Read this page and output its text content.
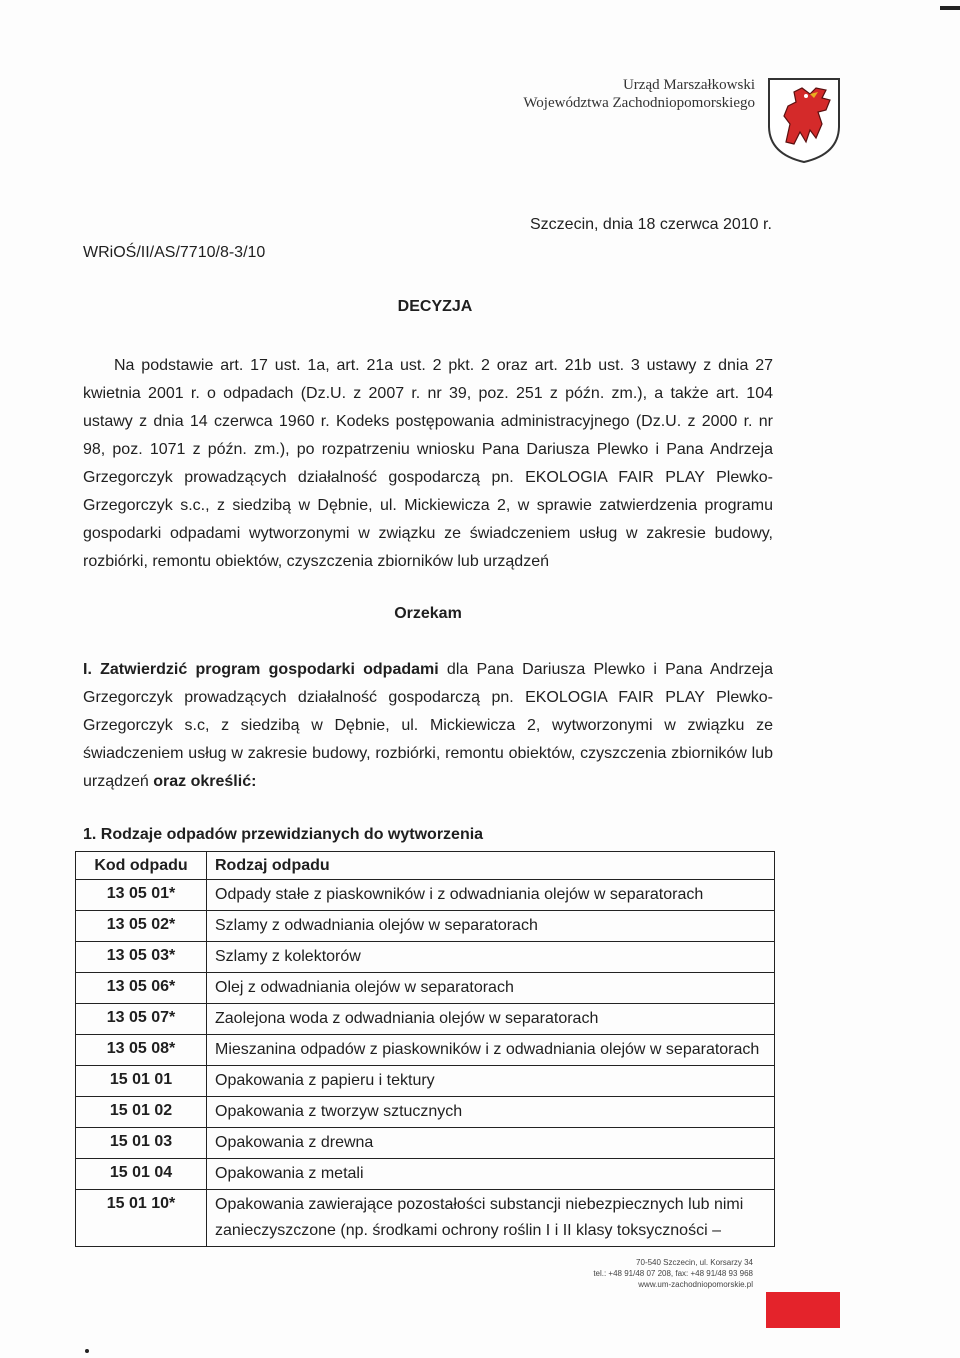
Urząd Marszałkowski
Województwa Zachodniopomorskiego
Szczecin, dnia 18 czerwca 2010 r.
WRiOŚ/II/AS/7710/8-3/10
DECYZJA

Na podstawie art. 17 ust. 1a, art. 21a ust. 2 pkt. 2 oraz art. 21b ust. 3 ustawy z dnia 27 kwietnia 2001 r. o odpadach (Dz.U. z 2007 r. nr 39, poz. 251 z późn. zm.), a także art. 104 ustawy z dnia 14 czerwca 1960 r. Kodeks postępowania administracyjnego (Dz.U. z 2000 r. nr 98, poz. 1071 z późn. zm.), po rozpatrzeniu wniosku Pana Dariusza Plewko i Pana Andrzeja Grzegorczyk prowadzących działalność gospodarczą pn. EKOLOGIA FAIR PLAY Plewko-Grzegorczyk s.c., z siedzibą w Dębnie, ul. Mickiewicza 2, w sprawie zatwierdzenia programu gospodarki odpadami wytworzonymi w związku ze świadczeniem usług w zakresie budowy, rozbiórki, remontu obiektów, czyszczenia zbiorników lub urządzeń

Orzekam

I. Zatwierdzić program gospodarki odpadami dla Pana Dariusza Plewko i Pana Andrzeja Grzegorczyk prowadzących działalność gospodarczą pn. EKOLOGIA FAIR PLAY Plewko-Grzegorczyk s.c, z siedzibą w Dębnie, ul. Mickiewicza 2, wytworzonymi w związku ze świadczeniem usług w zakresie budowy, rozbiórki, remontu obiektów, czyszczenia zbiorników lub urządzeń oraz określić:

1. Rodzaje odpadów przewidzianych do wytworzenia
Kod odpadu	Rodzaj odpadu
13 05 01*	Odpady stałe z piaskowników i z odwadniania olejów w separatorach
13 05 02*	Szlamy z odwadniania olejów w separatorach
13 05 03*	Szlamy z kolektorów
13 05 06*	Olej z odwadniania olejów w separatorach
13 05 07*	Zaolejona woda z odwadniania olejów w separatorach
13 05 08*	Mieszanina odpadów z piaskowników i z odwadniania olejów w separatorach
15 01 01	Opakowania z papieru i tektury
15 01 02	Opakowania z tworzyw sztucznych
15 01 03	Opakowania z drewna
15 01 04	Opakowania z metali
15 01 10*	Opakowania zawierające pozostałości substancji niebezpiecznych lub nimi zanieczyszczone (np. środkami ochrony roślin I i II klasy toksyczności –
70-540 Szczecin, ul. Korsarzy 34
tel.: +48 91/48 07 208, fax: +48 91/48 93 968
www.um-zachodniopomorskie.pl
